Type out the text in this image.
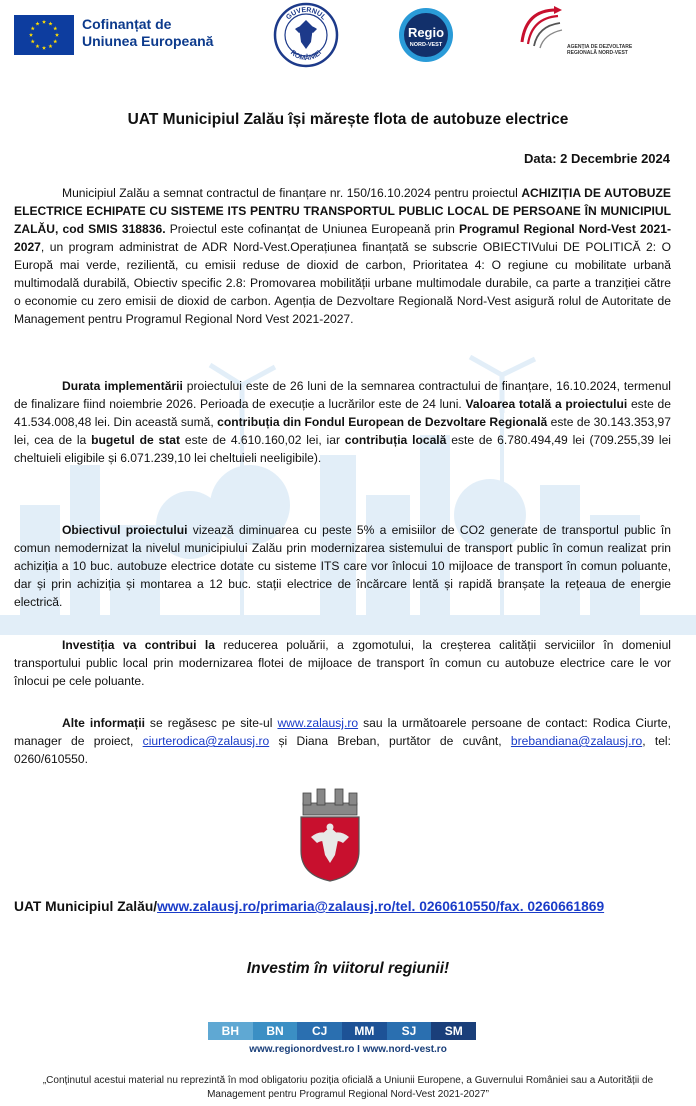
Cofinanțat de
Uniunea Europeană
GUVERNUL
ROMÂNIEI
Regio
NORD-VEST	AGENȚIA DE DEZVOLTARE REGIONALĂ NORD-VEST
UAT Municipiul Zalău își mărește flota de autobuze electrice
Data: 2 Decembrie 2024

Municipiul Zalău a semnat contractul de finanțare nr. 150/16.10.2024 pentru proiectul ACHIZIȚIA DE AUTOBUZE ELECTRICE ECHIPATE CU SISTEME ITS PENTRU TRANSPORTUL PUBLIC LOCAL DE PERSOANE ÎN MUNICIPIUL ZALĂU, cod SMIS 318836. Proiectul este cofinanțat de Uniunea Europeană prin Programul Regional Nord-Vest 2021-2027, un program administrat de ADR Nord-Vest.Operațiunea finanțată se subscrie OBIECTIVului DE POLITICĂ 2: O Europă mai verde, rezilientă, cu emisii reduse de dioxid de carbon, Prioritatea 4: O regiune cu mobilitate urbană multimodală durabilă, Obiectiv specific 2.8: Promovarea mobilității urbane multimodale durabile, ca parte a tranziției către o economie cu zero emisii de dioxid de carbon. Agenția de Dezvoltare Regională Nord-Vest asigură rolul de Autoritate de Management pentru Programul Regional Nord Vest 2021-2027.

Durata implementării proiectului este de 26 luni de la semnarea contractului de finanțare, 16.10.2024, termenul de finalizare fiind noiembrie 2026. Perioada de execuție a lucrărilor este de 24 luni. Valoarea totală a proiectului este de 41.534.008,48 lei. Din această sumă, contribuția din Fondul European de Dezvoltare Regională este de 30.143.353,97 lei, cea de la bugetul de stat este de 4.610.160,02 lei, iar contribuția locală este de 6.780.494,49 lei (709.255,39 lei cheltuieli eligibile și 6.071.239,10 lei cheltuieli neeligibile).

Obiectivul proiectului vizează diminuarea cu peste 5% a emisiilor de CO2 generate de transportul public în comun nemodernizat la nivelul municipiului Zalău prin modernizarea sistemului de transport public în comun realizat prin achiziția a 10 buc. autobuze electrice dotate cu sisteme ITS care vor înlocui 10 mijloace de transport în comun poluante, dar și prin achiziția și montarea a 12 buc. stații electrice de încărcare lentă și rapidă branșate la rețeaua de energie electrică.

Investiția va contribui la reducerea poluării, a zgomotului, la creșterea calității serviciilor în domeniul transportului public local prin modernizarea flotei de mijloace de transport în comun cu autobuze electrice care le vor înlocui pe cele poluante.

Alte informații se regăsesc pe site-ul www.zalausj.ro sau la următoarele persoane de contact: Rodica Ciurte, manager de proiect, ciurterodica@zalausj.ro și Diana Breban, purtător de cuvânt, brebandiana@zalausj.ro, tel: 0260/610550.

UAT Municipiul Zalău/www.zalausj.ro/primaria@zalausj.ro/tel. 0260610550/fax. 0260661869
Investim în viitorul regiunii!
BH	BN	CJ	MM	SJ	SM
www.regionordvest.ro I www.nord-vest.ro
„Conținutul acestui material nu reprezintă în mod obligatoriu poziția oficială a Uniunii Europene, a Guvernului României sau a Autorității de Management pentru Programul Regional Nord-Vest 2021-2027”
